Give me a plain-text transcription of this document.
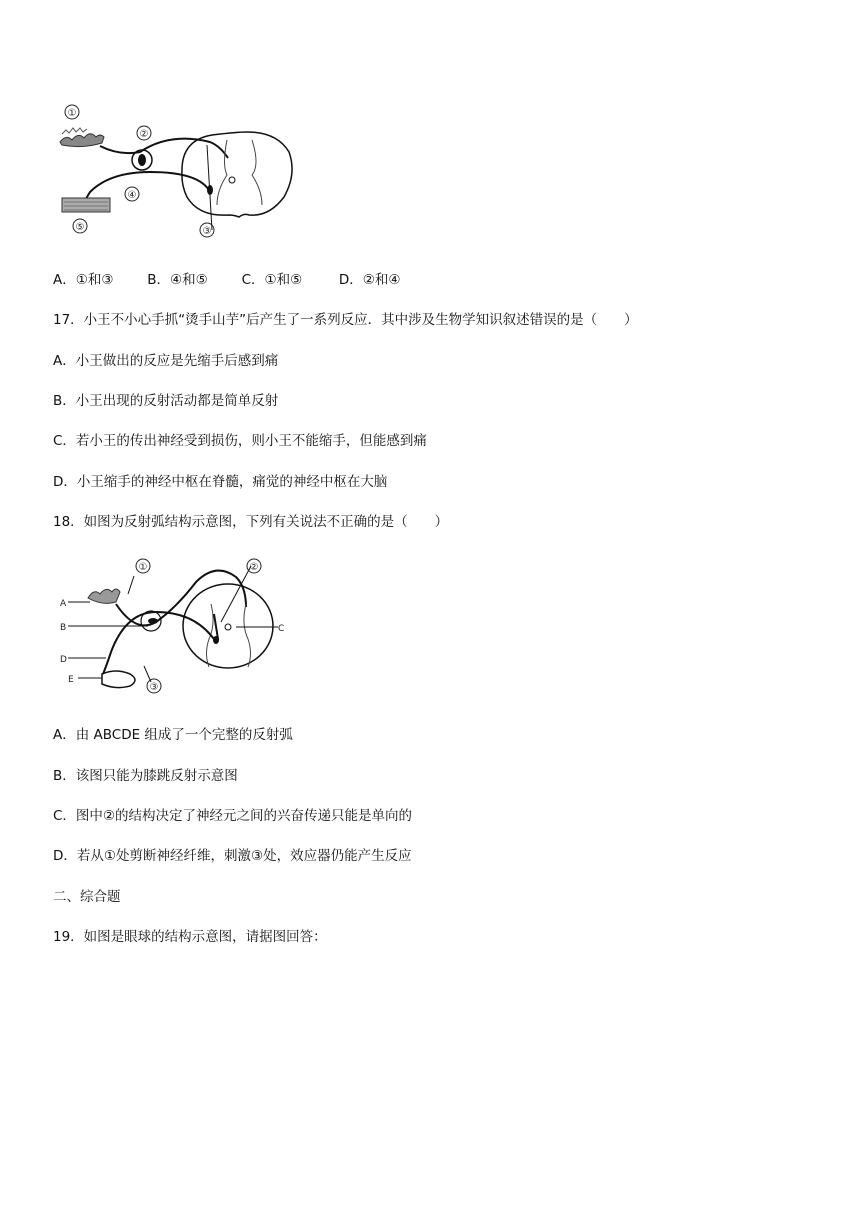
①
②
③
④
⑤
A．①和③	B．④和⑤	C．①和⑤	D．②和④
17．小王不小心手抓“烫手山芋”后产生了一系列反应．其中涉及生物学知识叙述错误的是（　　）
A．小王做出的反应是先缩手后感到痛
B．小王出现的反射活动都是简单反射
C．若小王的传出神经受到损伤，则小王不能缩手，但能感到痛
D．小王缩手的神经中枢在脊髓，痛觉的神经中枢在大脑
18．如图为反射弧结构示意图，下列有关说法不正确的是（　　）
A
B	C
D
E
①	②
③
A．由 ABCDE 组成了一个完整的反射弧
B．该图只能为膝跳反射示意图
C．图中②的结构决定了神经元之间的兴奋传递只能是单向的
D．若从①处剪断神经纤维，刺激③处，效应器仍能产生反应
二、综合题
19．如图是眼球的结构示意图，请据图回答：
